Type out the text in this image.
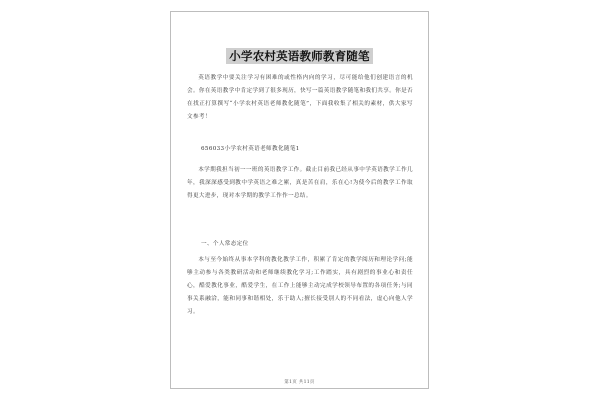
小学农村英语教师教育随笔

英语教学中要关注学习有困难的或性格内向的学习，尽可能给他们创建语言的机会。你在英语教学中肯定学到了很多现历，快写一篇英语教学随笔和我们共享。你是否在找正打算撰写“小学农村英语老师教化随笔”，下面我收集了相关的素材，供大家写文参考！

656033小学农村英语老师教化随笔1

本学期我担当初一一班的英语教学工作。截止目前我已经从事中学英语教学工作几年，我深深感受到教中学英语之难之累，真是苦在肩，乐在心!为使今后的教学工作取得更大进步，现对本学期的教学工作作一总结。

一、个人常态定位

本与至今始终从事本学科的教化教学工作，积累了肯定的教学阅历和理论学问;能够主动参与各类教研活动和老师继续教化学习;工作踏实，具有剧烈的事业心和责任心，酷爱教化事业，酷爱学生，在工作上能够主动完成学校领导布置的各项任务;与同事关系融洽，能和同事和谐相处，乐于助人;擅长接受别人的不同看法，虚心向他人学习。

第1页 共11页
